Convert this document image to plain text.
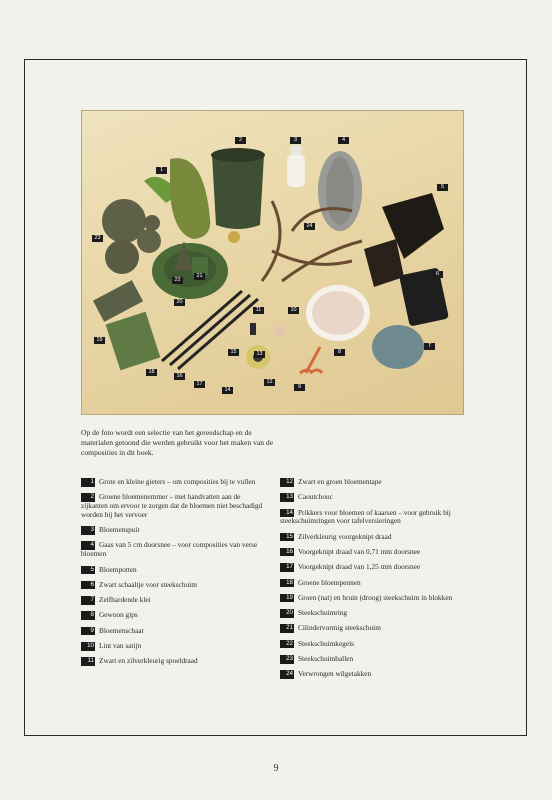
1
2	3	4
5
6
7
8
9
10
11
12
13
14
15
16
17
18
19
20
21
22
23
24
Op de foto wordt een selectie van het gereedschap en de materialen getoond die werden gebruikt voor het maken van de composities in dit boek.
1 Grote en kleine gieters – om composities bij te vullen
2 Groene bloemenemmer – met handvatten aan de zijkanten om ervoor te zorgen dat de bloemen niet beschadigd worden bij het vervoer
3 Bloemenspuit
4 Gaas van 5 cm doorsnee – voor composities van verse bloemen
5 Bloempotten
6 Zwart schaaltje voor steekschuim
7 Zelfhardende klei
8 Gewoon gips
9 Bloemenschaar
10 Lint van satijn
11 Zwart en zilverkleurig spoeldraad
12 Zwart en groen bloementape
13 Caoutchouc
14 Prikkers voor bloemen of kaarsen – voor gebruik bij steekschuimringen voor tafelversieringen
15 Zilverkleurig voorgeknipt draad
16 Voorgeknipt draad van 0,71 mm doorsnee
17 Voorgeknipt draad van 1,25 mm doorsnee
18 Groene bloempennen
19 Groen (nat) en bruin (droog) steekschuim in blokken
20 Steekschuimring
21 Cilindervormig steekschuim
22 Steekschuimkegels
23 Steekschuimballen
24 Verwrongen wilgetakken
9
